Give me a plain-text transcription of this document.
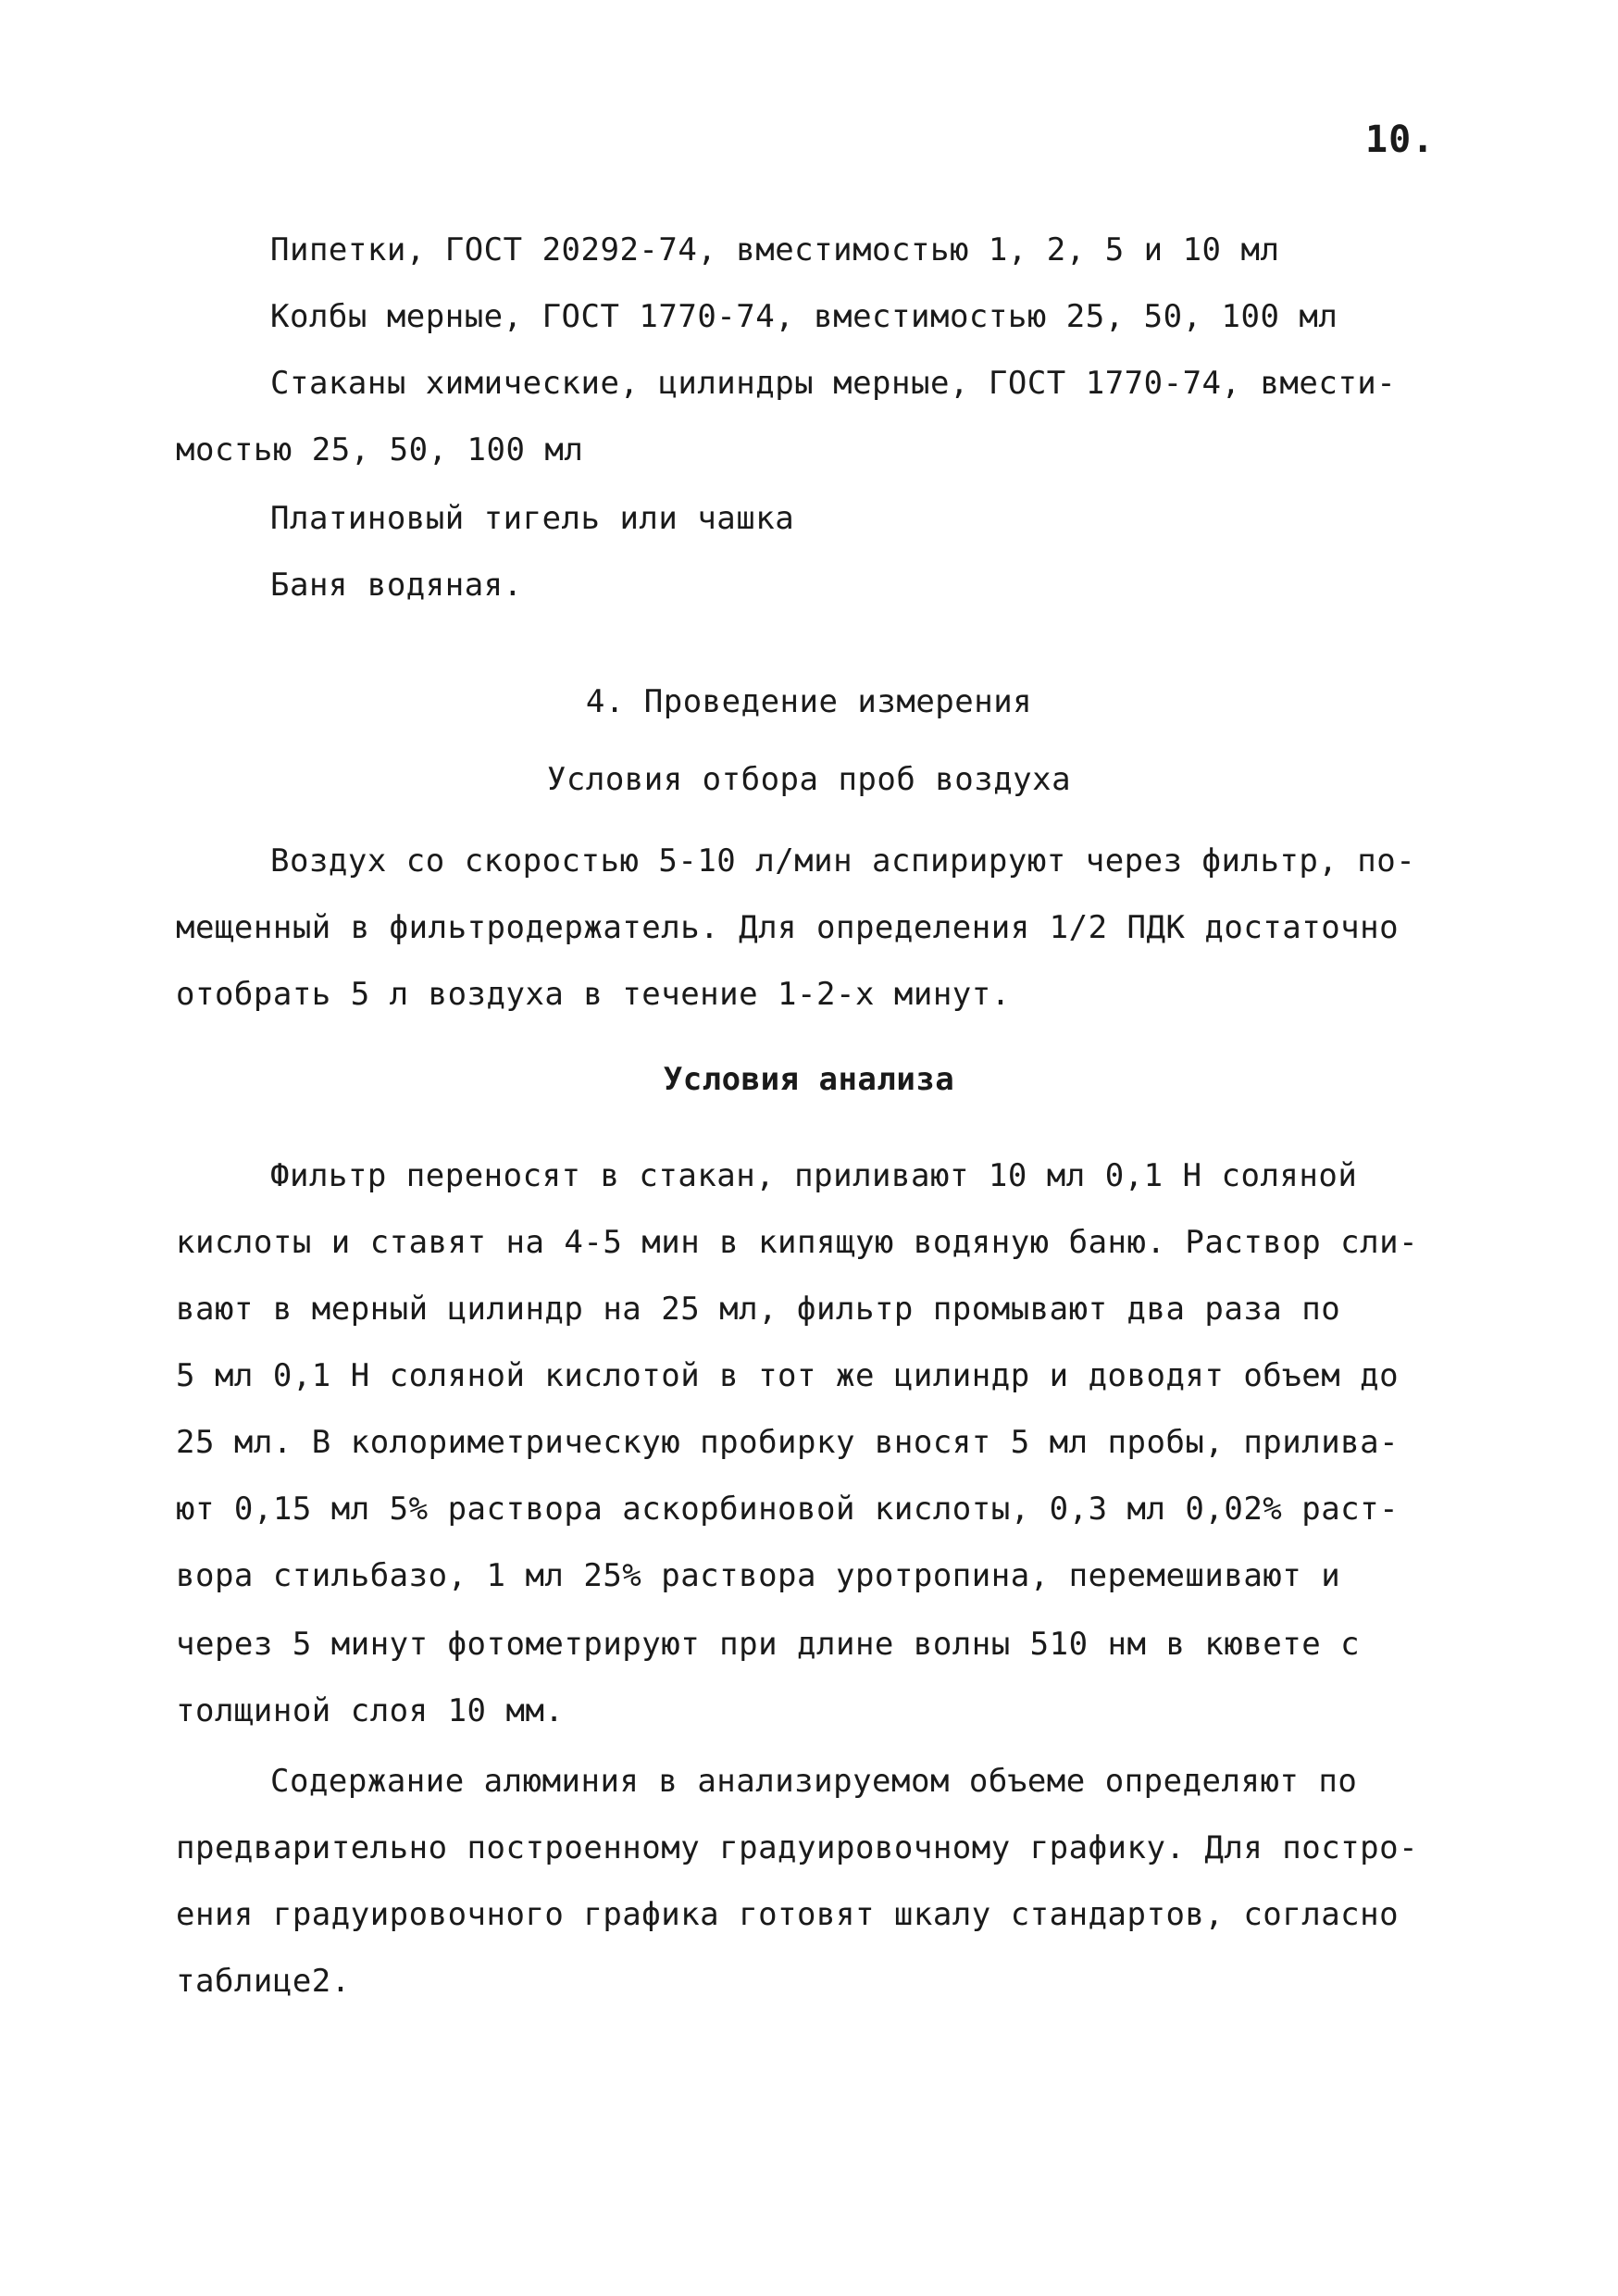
10.
Пипетки, ГОСТ 20292-74, вместимостью 1, 2, 5 и 10 мл
Колбы мерные, ГОСТ 1770-74, вместимостью 25, 50, 100 мл
Стаканы химические, цилиндры мерные, ГОСТ 1770-74, вмести-
мостью 25, 50, 100 мл
Платиновый тигель или чашка
Баня водяная.
4. Проведение измерения
Условия отбора проб воздуха
Воздух со скоростью 5-10 л/мин аспирируют через фильтр, по-
мещенный в фильтродержатель. Для определения 1/2 ПДК достаточно
отобрать 5 л воздуха в течение 1-2-х минут.
Условия анализа
Фильтр переносят в стакан, приливают 10 мл 0,1 Н соляной
кислоты и ставят на 4-5 мин в кипящую водяную баню. Раствор сли-
вают в мерный цилиндр на 25 мл, фильтр промывают два раза по
5 мл 0,1 Н соляной кислотой в тот же цилиндр и доводят объем до
25 мл. В колориметрическую пробирку вносят 5 мл пробы, прилива-
ют 0,15 мл 5% раствора аскорбиновой кислоты, 0,3 мл 0,02% раст-
вора стильбазо, 1 мл 25% раствора уротропина, перемешивают и
через 5 минут фотометрируют при длине волны 510 нм в кювете с
толщиной слоя 10 мм.
Содержание алюминия в анализируемом объеме определяют по
предварительно построенному градуировочному графику. Для постро-
ения градуировочного графика готовят шкалу стандартов, согласно
таблице2.
